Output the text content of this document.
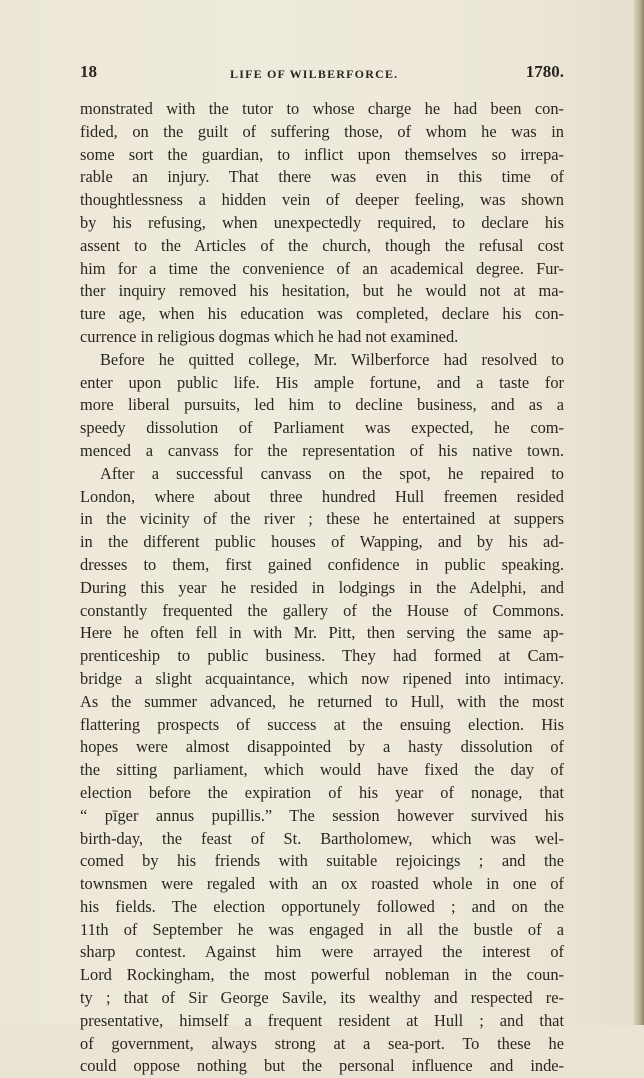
18	LIFE OF WILBERFORCE.	1780.
monstrated with the tutor to whose charge he had been con-
fided, on the guilt of suffering those, of whom he was in
some sort the guardian, to inflict upon themselves so irrepa-
rable an injury. That there was even in this time of
thoughtlessness a hidden vein of deeper feeling, was shown
by his refusing, when unexpectedly required, to declare his
assent to the Articles of the church, though the refusal cost
him for a time the convenience of an academical degree. Fur-
ther inquiry removed his hesitation, but he would not at ma-
ture age, when his education was completed, declare his con-
currence in religious dogmas which he had not examined.
Before he quitted college, Mr. Wilberforce had resolved to
enter upon public life. His ample fortune, and a taste for
more liberal pursuits, led him to decline business, and as a
speedy dissolution of Parliament was expected, he com-
menced a canvass for the representation of his native town.
After a successful canvass on the spot, he repaired to
London, where about three hundred Hull freemen resided
in the vicinity of the river ; these he entertained at suppers
in the different public houses of Wapping, and by his ad-
dresses to them, first gained confidence in public speaking.
During this year he resided in lodgings in the Adelphi, and
constantly frequented the gallery of the House of Commons.
Here he often fell in with Mr. Pitt, then serving the same ap-
prenticeship to public business. They had formed at Cam-
bridge a slight acquaintance, which now ripened into intimacy.
As the summer advanced, he returned to Hull, with the most
flattering prospects of success at the ensuing election. His
hopes were almost disappointed by a hasty dissolution of
the sitting parliament, which would have fixed the day of
election before the expiration of his year of nonage, that
“ pīger annus pupillis.” The session however survived his
birth-day, the feast of St. Bartholomew, which was wel-
comed by his friends with suitable rejoicings ; and the
townsmen were regaled with an ox roasted whole in one of
his fields. The election opportunely followed ; and on the
11th of September he was engaged in all the bustle of a
sharp contest. Against him were arrayed the interest of
Lord Rockingham, the most powerful nobleman in the coun-
ty ; that of Sir George Savile, its wealthy and respected re-
presentative, himself a frequent resident at Hull ; and that
of government, always strong at a sea-port. To these he
could oppose nothing but the personal influence and inde-
